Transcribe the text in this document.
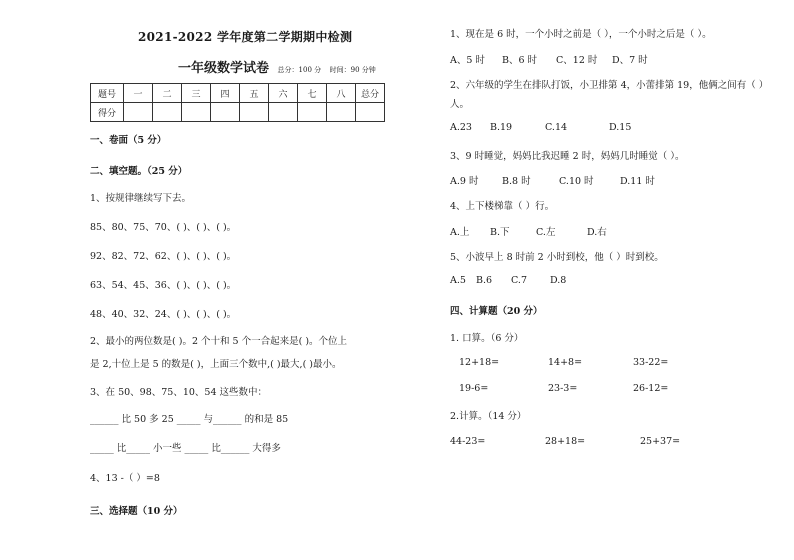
2021-2022 学年度第二学期期中检测
一年级数学试卷 总分：100 分 时间：90 分钟
题号	一	二	三	四	五	六	七	八	总分
得分									
一、卷面（5 分）
二、填空题。（25 分）
1、按规律继续写下去。
85、80、75、70、( )、( )、( )。
92、82、72、62、( )、( )、( )。
63、54、45、36、( )、( )、( )。
48、40、32、24、( )、( )、( )。
2、最小的两位数是( )。2 个十和 5 个一合起来是( )。个位上
是 2,十位上是 5 的数是( )，上面三个数中,( )最大,( )最小。
3、在 50、98、75、10、54 这些数中：
______ 比 50 多 25 _____ 与______ 的和是 85
_____ 比_____ 小一些 _____ 比______ 大得多
4、13 -（ ）=8
三、选择题（10 分）
1、现在是 6 时，一个小时之前是（ ），一个小时之后是（ ）。
A、5 时 B、6 时 C、12 时 D、7 时
2、六年级的学生在排队打饭，小卫排第 4，小蕾排第 19，他俩之间有（ ）
人。
A.23 B.19	C.14	D.15
3、9 时睡觉，妈妈比我迟睡 2 时，妈妈几时睡觉（ ）。
A.9 时 B.8 时	C.10 时	D.11 时
4、上下楼梯靠（ ）行。
A.上 B.下	C.左	D.右
5、小波早上 8 时前 2 小时到校，他（ ）时到校。
A.5 B.6 C.7 D.8
四、计算题（20 分）
1. 口算。（6 分）
12+18=	14+8=	33-22=
19-6=	23-3=	26-12=
2.计算。（14 分）
44-23=	28+18=	25+37=
